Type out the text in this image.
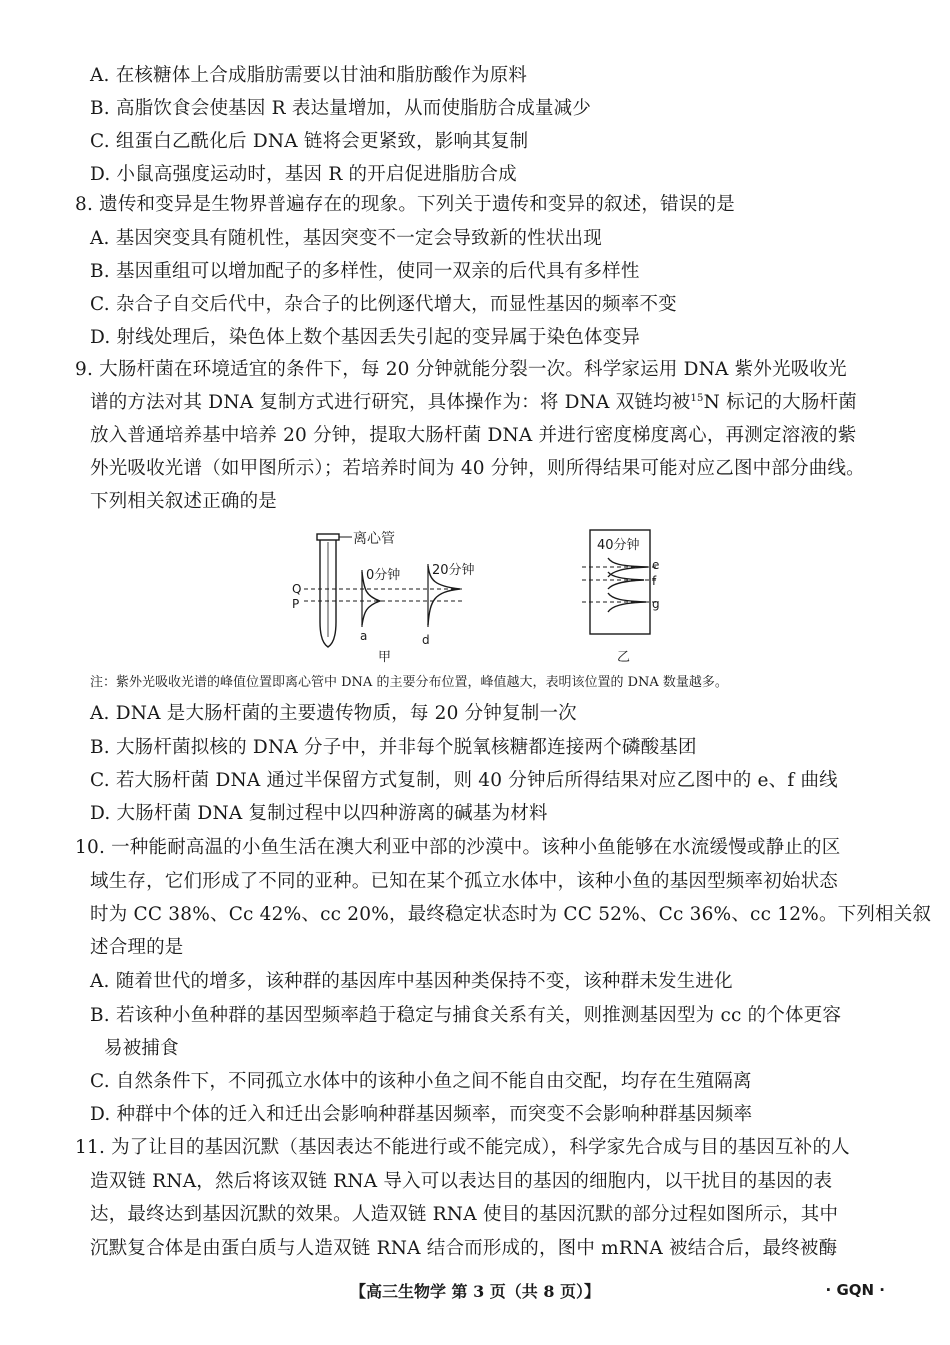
A. 在核糖体上合成脂肪需要以甘油和脂肪酸作为原料
B. 高脂饮食会使基因 R 表达量增加，从而使脂肪合成量减少
C. 组蛋白乙酰化后 DNA 链将会更紧致，影响其复制
D. 小鼠高强度运动时，基因 R 的开启促进脂肪合成
8. 遗传和变异是生物界普遍存在的现象。下列关于遗传和变异的叙述，错误的是
A. 基因突变具有随机性，基因突变不一定会导致新的性状出现
B. 基因重组可以增加配子的多样性，使同一双亲的后代具有多样性
C. 杂合子自交后代中，杂合子的比例逐代增大，而显性基因的频率不变
D. 射线处理后，染色体上数个基因丢失引起的变异属于染色体变异
9. 大肠杆菌在环境适宜的条件下，每 20 分钟就能分裂一次。科学家运用 DNA 紫外光吸收光
谱的方法对其 DNA 复制方式进行研究，具体操作为：将 DNA 双链均被$^{15}$N 标记的大肠杆菌
放入普通培养基中培养 20 分钟，提取大肠杆菌 DNA 并进行密度梯度离心，再测定溶液的紫
外光吸收光谱（如甲图所示）；若培养时间为 40 分钟，则所得结果可能对应乙图中部分曲线。
下列相关叙述正确的是
离心管
Q
P
0分钟
a
20分钟
d
甲
40分钟
e
f
g
乙
注：紫外光吸收光谱的峰值位置即离心管中 DNA 的主要分布位置，峰值越大，表明该位置的 DNA 数量越多。
A. DNA 是大肠杆菌的主要遗传物质，每 20 分钟复制一次
B. 大肠杆菌拟核的 DNA 分子中，并非每个脱氧核糖都连接两个磷酸基团
C. 若大肠杆菌 DNA 通过半保留方式复制，则 40 分钟后所得结果对应乙图中的 e、f 曲线
D. 大肠杆菌 DNA 复制过程中以四种游离的碱基为材料
10. 一种能耐高温的小鱼生活在澳大利亚中部的沙漠中。该种小鱼能够在水流缓慢或静止的区
域生存，它们形成了不同的亚种。已知在某个孤立水体中，该种小鱼的基因型频率初始状态
时为 CC 38%、Cc 42%、cc 20%，最终稳定状态时为 CC 52%、Cc 36%、cc 12%。下列相关叙
述合理的是
A. 随着世代的增多，该种群的基因库中基因种类保持不变，该种群未发生进化
B. 若该种小鱼种群的基因型频率趋于稳定与捕食关系有关，则推测基因型为 cc 的个体更容
易被捕食
C. 自然条件下，不同孤立水体中的该种小鱼之间不能自由交配，均存在生殖隔离
D. 种群中个体的迁入和迁出会影响种群基因频率，而突变不会影响种群基因频率
11. 为了让目的基因沉默（基因表达不能进行或不能完成），科学家先合成与目的基因互补的人
造双链 RNA，然后将该双链 RNA 导入可以表达目的基因的细胞内，以干扰目的基因的表
达，最终达到基因沉默的效果。人造双链 RNA 使目的基因沉默的部分过程如图所示，其中
沉默复合体是由蛋白质与人造双链 RNA 结合而形成的，图中 mRNA 被结合后，最终被酶
【高三生物学 第 3 页（共 8 页）】	· GQN ·
